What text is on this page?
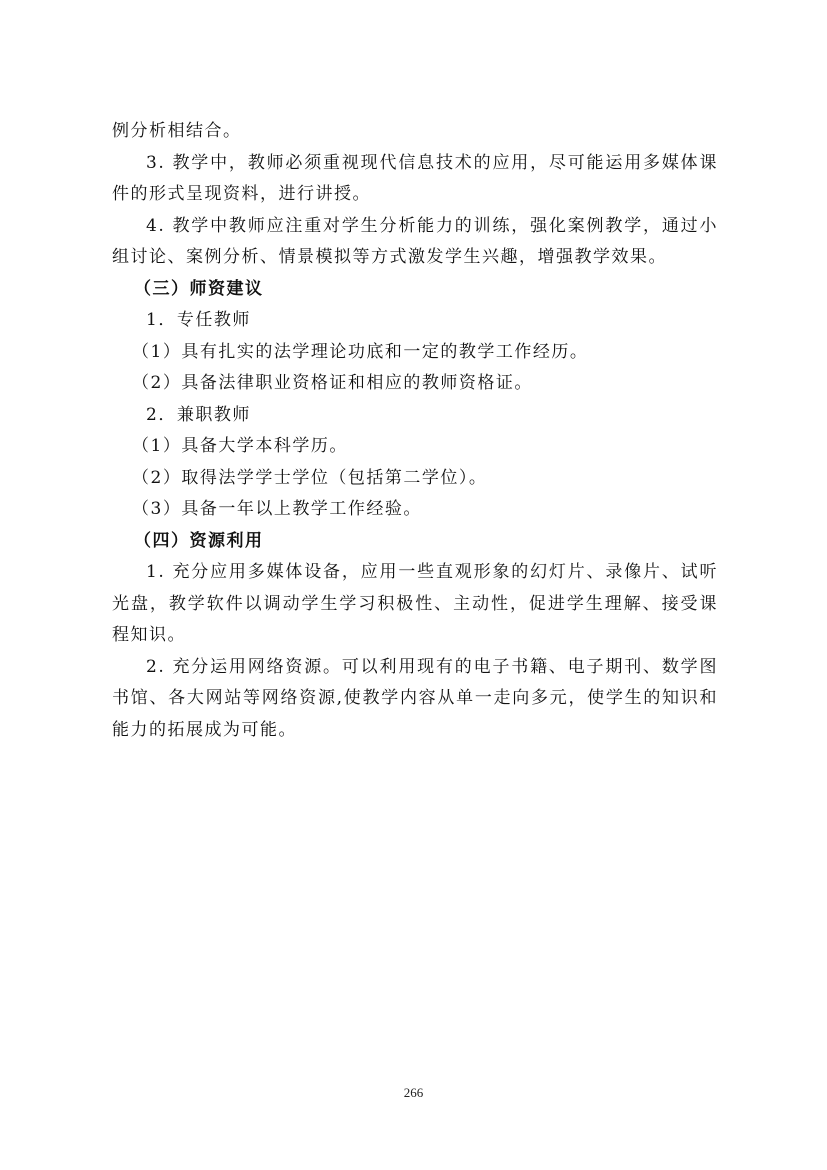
例分析相结合。

3. 教学中，教师必须重视现代信息技术的应用，尽可能运用多媒体课件的形式呈现资料，进行讲授。

4. 教学中教师应注重对学生分析能力的训练，强化案例教学，通过小组讨论、案例分析、情景模拟等方式激发学生兴趣，增强教学效果。

（三）师资建议

1．专任教师

（1）具有扎实的法学理论功底和一定的教学工作经历。

（2）具备法律职业资格证和相应的教师资格证。

2．兼职教师

（1）具备大学本科学历。

（2）取得法学学士学位（包括第二学位）。

（3）具备一年以上教学工作经验。

（四）资源利用

1. 充分应用多媒体设备，应用一些直观形象的幻灯片、录像片、试听光盘，教学软件以调动学生学习积极性、主动性，促进学生理解、接受课程知识。

2. 充分运用网络资源。可以利用现有的电子书籍、电子期刊、数学图书馆、各大网站等网络资源,使教学内容从单一走向多元，使学生的知识和能力的拓展成为可能。

266
